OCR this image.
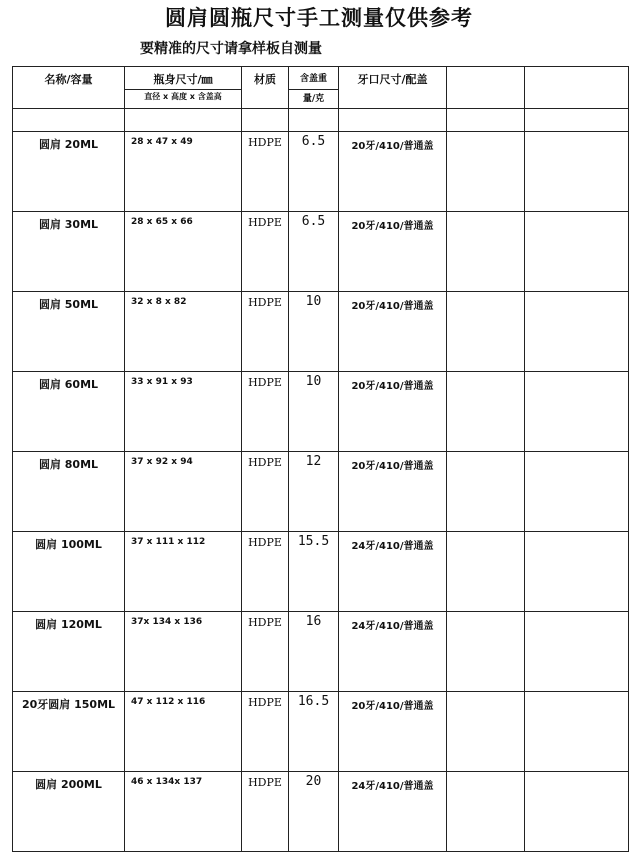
圆肩圆瓶尺寸手工测量仅供参考
要精准的尺寸请拿样板自测量
名称/容量	瓶身尺寸/㎜	材质	含盖重	牙口尺寸/配盖		

	直径 x 高度 x 含盖高		量/克			

圆肩 20ML	28 x 47 x 49	HDPE	6.5	20牙/410/普通盖		

圆肩 30ML	28 x 65 x 66	HDPE	6.5	20牙/410/普通盖		

圆肩 50ML	32 x 8 x 82	HDPE	10	20牙/410/普通盖		

圆肩 60ML	33 x 91 x 93	HDPE	10	20牙/410/普通盖		

圆肩 80ML	37 x 92 x 94	HDPE	12	20牙/410/普通盖		

圆肩 100ML	37 x 111 x 112	HDPE	15.5	24牙/410/普通盖		

圆肩 120ML	37x 134 x 136	HDPE	16	24牙/410/普通盖		

20牙圆肩 150ML	47 x 112 x 116	HDPE	16.5	20牙/410/普通盖		

圆肩 200ML	46 x 134x 137	HDPE	20	24牙/410/普通盖		
